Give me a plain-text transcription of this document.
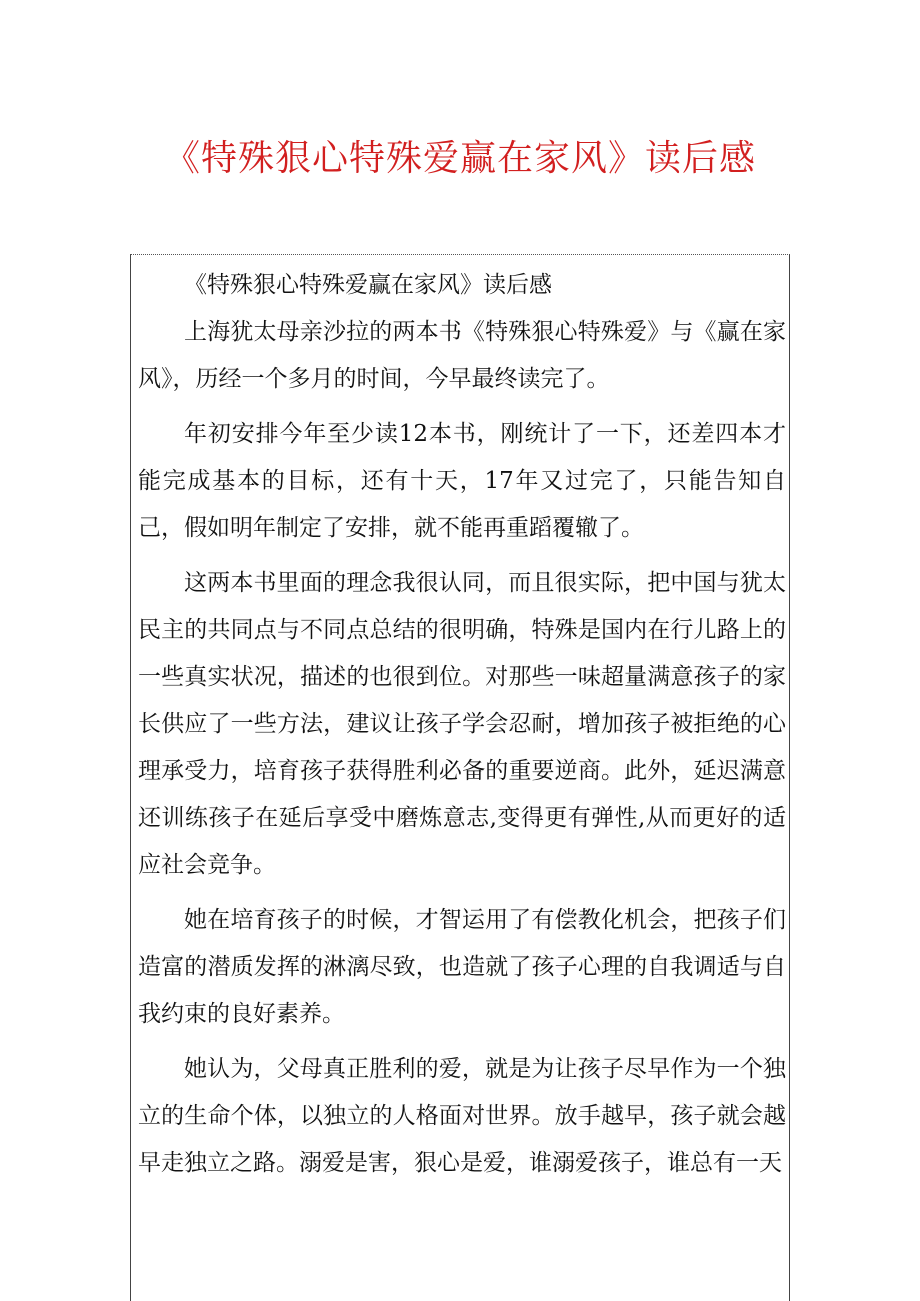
《特殊狠心特殊爱赢在家风》读后感

《特殊狠心特殊爱赢在家风》读后感

上海犹太母亲沙拉的两本书《特殊狠心特殊爱》与《赢在家风》，历经一个多月的时间，今早最终读完了。

年初安排今年至少读12本书，刚统计了一下，还差四本才能完成基本的目标，还有十天，17年又过完了，只能告知自己，假如明年制定了安排，就不能再重蹈覆辙了。

这两本书里面的理念我很认同，而且很实际，把中国与犹太民主的共同点与不同点总结的很明确，特殊是国内在行儿路上的一些真实状况，描述的也很到位。对那些一味超量满意孩子的家长供应了一些方法，建议让孩子学会忍耐，增加孩子被拒绝的心理承受力，培育孩子获得胜利必备的重要逆商。此外，延迟满意还训练孩子在延后享受中磨炼意志,变得更有弹性,从而更好的适应社会竞争。

她在培育孩子的时候，才智运用了有偿教化机会，把孩子们造富的潜质发挥的淋漓尽致，也造就了孩子心理的自我调适与自我约束的良好素养。

她认为，父母真正胜利的爱，就是为让孩子尽早作为一个独立的生命个体，以独立的人格面对世界。放手越早，孩子就会越早走独立之路。溺爱是害，狠心是爱，谁溺爱孩子，谁总有一天
